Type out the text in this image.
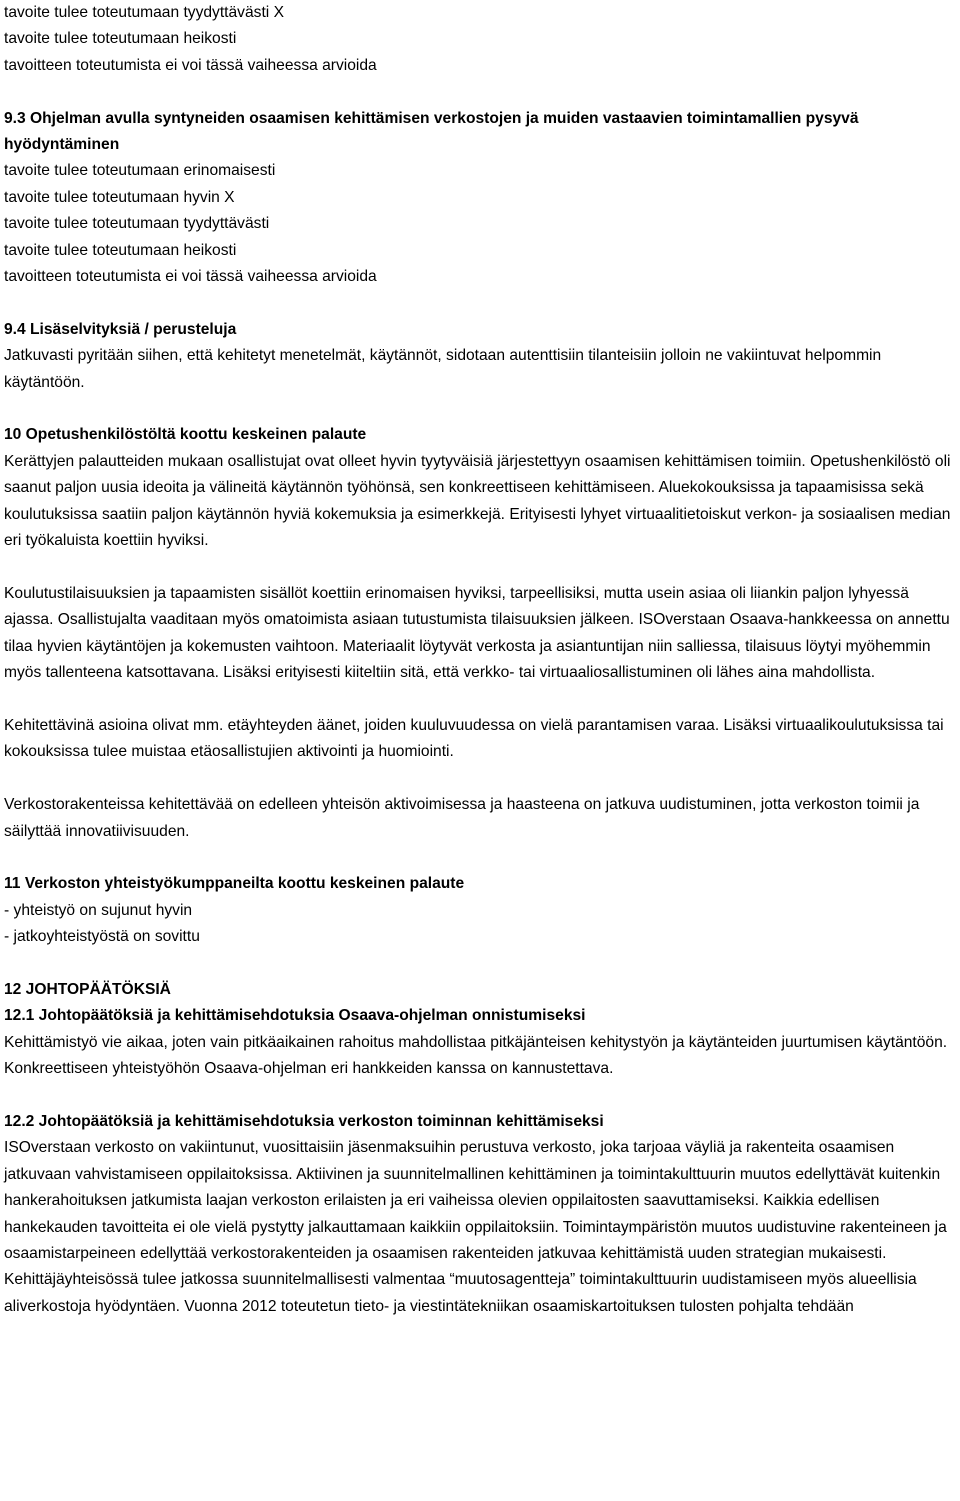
tavoite tulee toteutumaan tyydyttävästi X
tavoite tulee toteutumaan heikosti
tavoitteen toteutumista ei voi tässä vaiheessa arvioida
9.3 Ohjelman avulla syntyneiden osaamisen kehittämisen verkostojen ja muiden vastaavien toimintamallien pysyvä hyödyntäminen
tavoite tulee toteutumaan erinomaisesti
tavoite tulee toteutumaan hyvin X
tavoite tulee toteutumaan tyydyttävästi
tavoite tulee toteutumaan heikosti
tavoitteen toteutumista ei voi tässä vaiheessa arvioida
9.4 Lisäselvityksiä / perusteluja
Jatkuvasti pyritään siihen, että kehitetyt menetelmät, käytännöt, sidotaan autenttisiin tilanteisiin jolloin ne vakiintuvat helpommin käytäntöön.
10 Opetushenkilöstöltä koottu keskeinen palaute
Kerättyjen palautteiden mukaan osallistujat ovat olleet hyvin tyytyväisiä järjestettyyn osaamisen kehittämisen toimiin. Opetushenkilöstö oli saanut paljon uusia ideoita ja välineitä käytännön työhönsä, sen konkreettiseen kehittämiseen. Aluekokouksissa ja tapaamisissa sekä koulutuksissa saatiin paljon käytännön hyviä kokemuksia ja esimerkkejä. Erityisesti lyhyet virtuaalitietoiskut verkon- ja sosiaalisen median eri työkaluista koettiin hyviksi.
Koulutustilaisuuksien ja tapaamisten sisällöt koettiin erinomaisen hyviksi, tarpeellisiksi, mutta usein asiaa oli liiankin paljon lyhyessä ajassa. Osallistujalta vaaditaan myös omatoimista asiaan tutustumista tilaisuuksien jälkeen. ISOverstaan Osaava-hankkeessa on annettu tilaa hyvien käytäntöjen ja kokemusten vaihtoon. Materiaalit löytyvät verkosta ja asiantuntijan niin salliessa, tilaisuus löytyi myöhemmin myös tallenteena katsottavana. Lisäksi erityisesti kiiteltiin sitä, että verkko- tai virtuaaliosallistuminen oli lähes aina mahdollista.
Kehitettävinä asioina olivat mm. etäyhteyden äänet, joiden kuuluvuudessa on vielä parantamisen varaa. Lisäksi virtuaalikoulutuksissa tai kokouksissa tulee muistaa etäosallistujien aktivointi ja huomiointi.
Verkostorakenteissa kehitettävää on edelleen yhteisön aktivoimisessa ja haasteena on jatkuva uudistuminen, jotta verkoston toimii ja säilyttää innovatiivisuuden.
11 Verkoston yhteistyökumppaneilta koottu keskeinen palaute
- yhteistyö on sujunut hyvin
- jatkoyhteistyöstä on sovittu
12 JOHTOPÄÄTÖKSIÄ
12.1 Johtopäätöksiä ja kehittämisehdotuksia Osaava-ohjelman onnistumiseksi
Kehittämistyö vie aikaa, joten vain pitkäaikainen rahoitus mahdollistaa pitkäjänteisen kehitystyön ja käytänteiden juurtumisen käytäntöön. Konkreettiseen yhteistyöhön Osaava-ohjelman eri hankkeiden kanssa on kannustettava.
12.2 Johtopäätöksiä ja kehittämisehdotuksia verkoston toiminnan kehittämiseksi
ISOverstaan verkosto on vakiintunut, vuosittaisiin jäsenmaksuihin perustuva verkosto, joka tarjoaa väyliä ja rakenteita osaamisen jatkuvaan vahvistamiseen oppilaitoksissa. Aktiivinen ja suunnitelmallinen kehittäminen ja toimintakulttuurin muutos edellyttävät kuitenkin hankerahoituksen jatkumista laajan verkoston erilaisten ja eri vaiheissa olevien oppilaitosten saavuttamiseksi. Kaikkia edellisen hankekauden tavoitteita ei ole vielä pystytty jalkauttamaan kaikkiin oppilaitoksiin. Toimintaympäristön muutos uudistuvine rakenteineen ja osaamistarpeineen edellyttää verkostorakenteiden ja osaamisen rakenteiden jatkuvaa kehittämistä uuden strategian mukaisesti. Kehittäjäyhteisössä tulee jatkossa suunnitelmallisesti valmentaa “muutosagentteja” toimintakulttuurin uudistamiseen myös alueellisia aliverkostoja hyödyntäen. Vuonna 2012 toteutetun tieto- ja viestintätekniikan osaamiskartoituksen tulosten pohjalta tehdään
